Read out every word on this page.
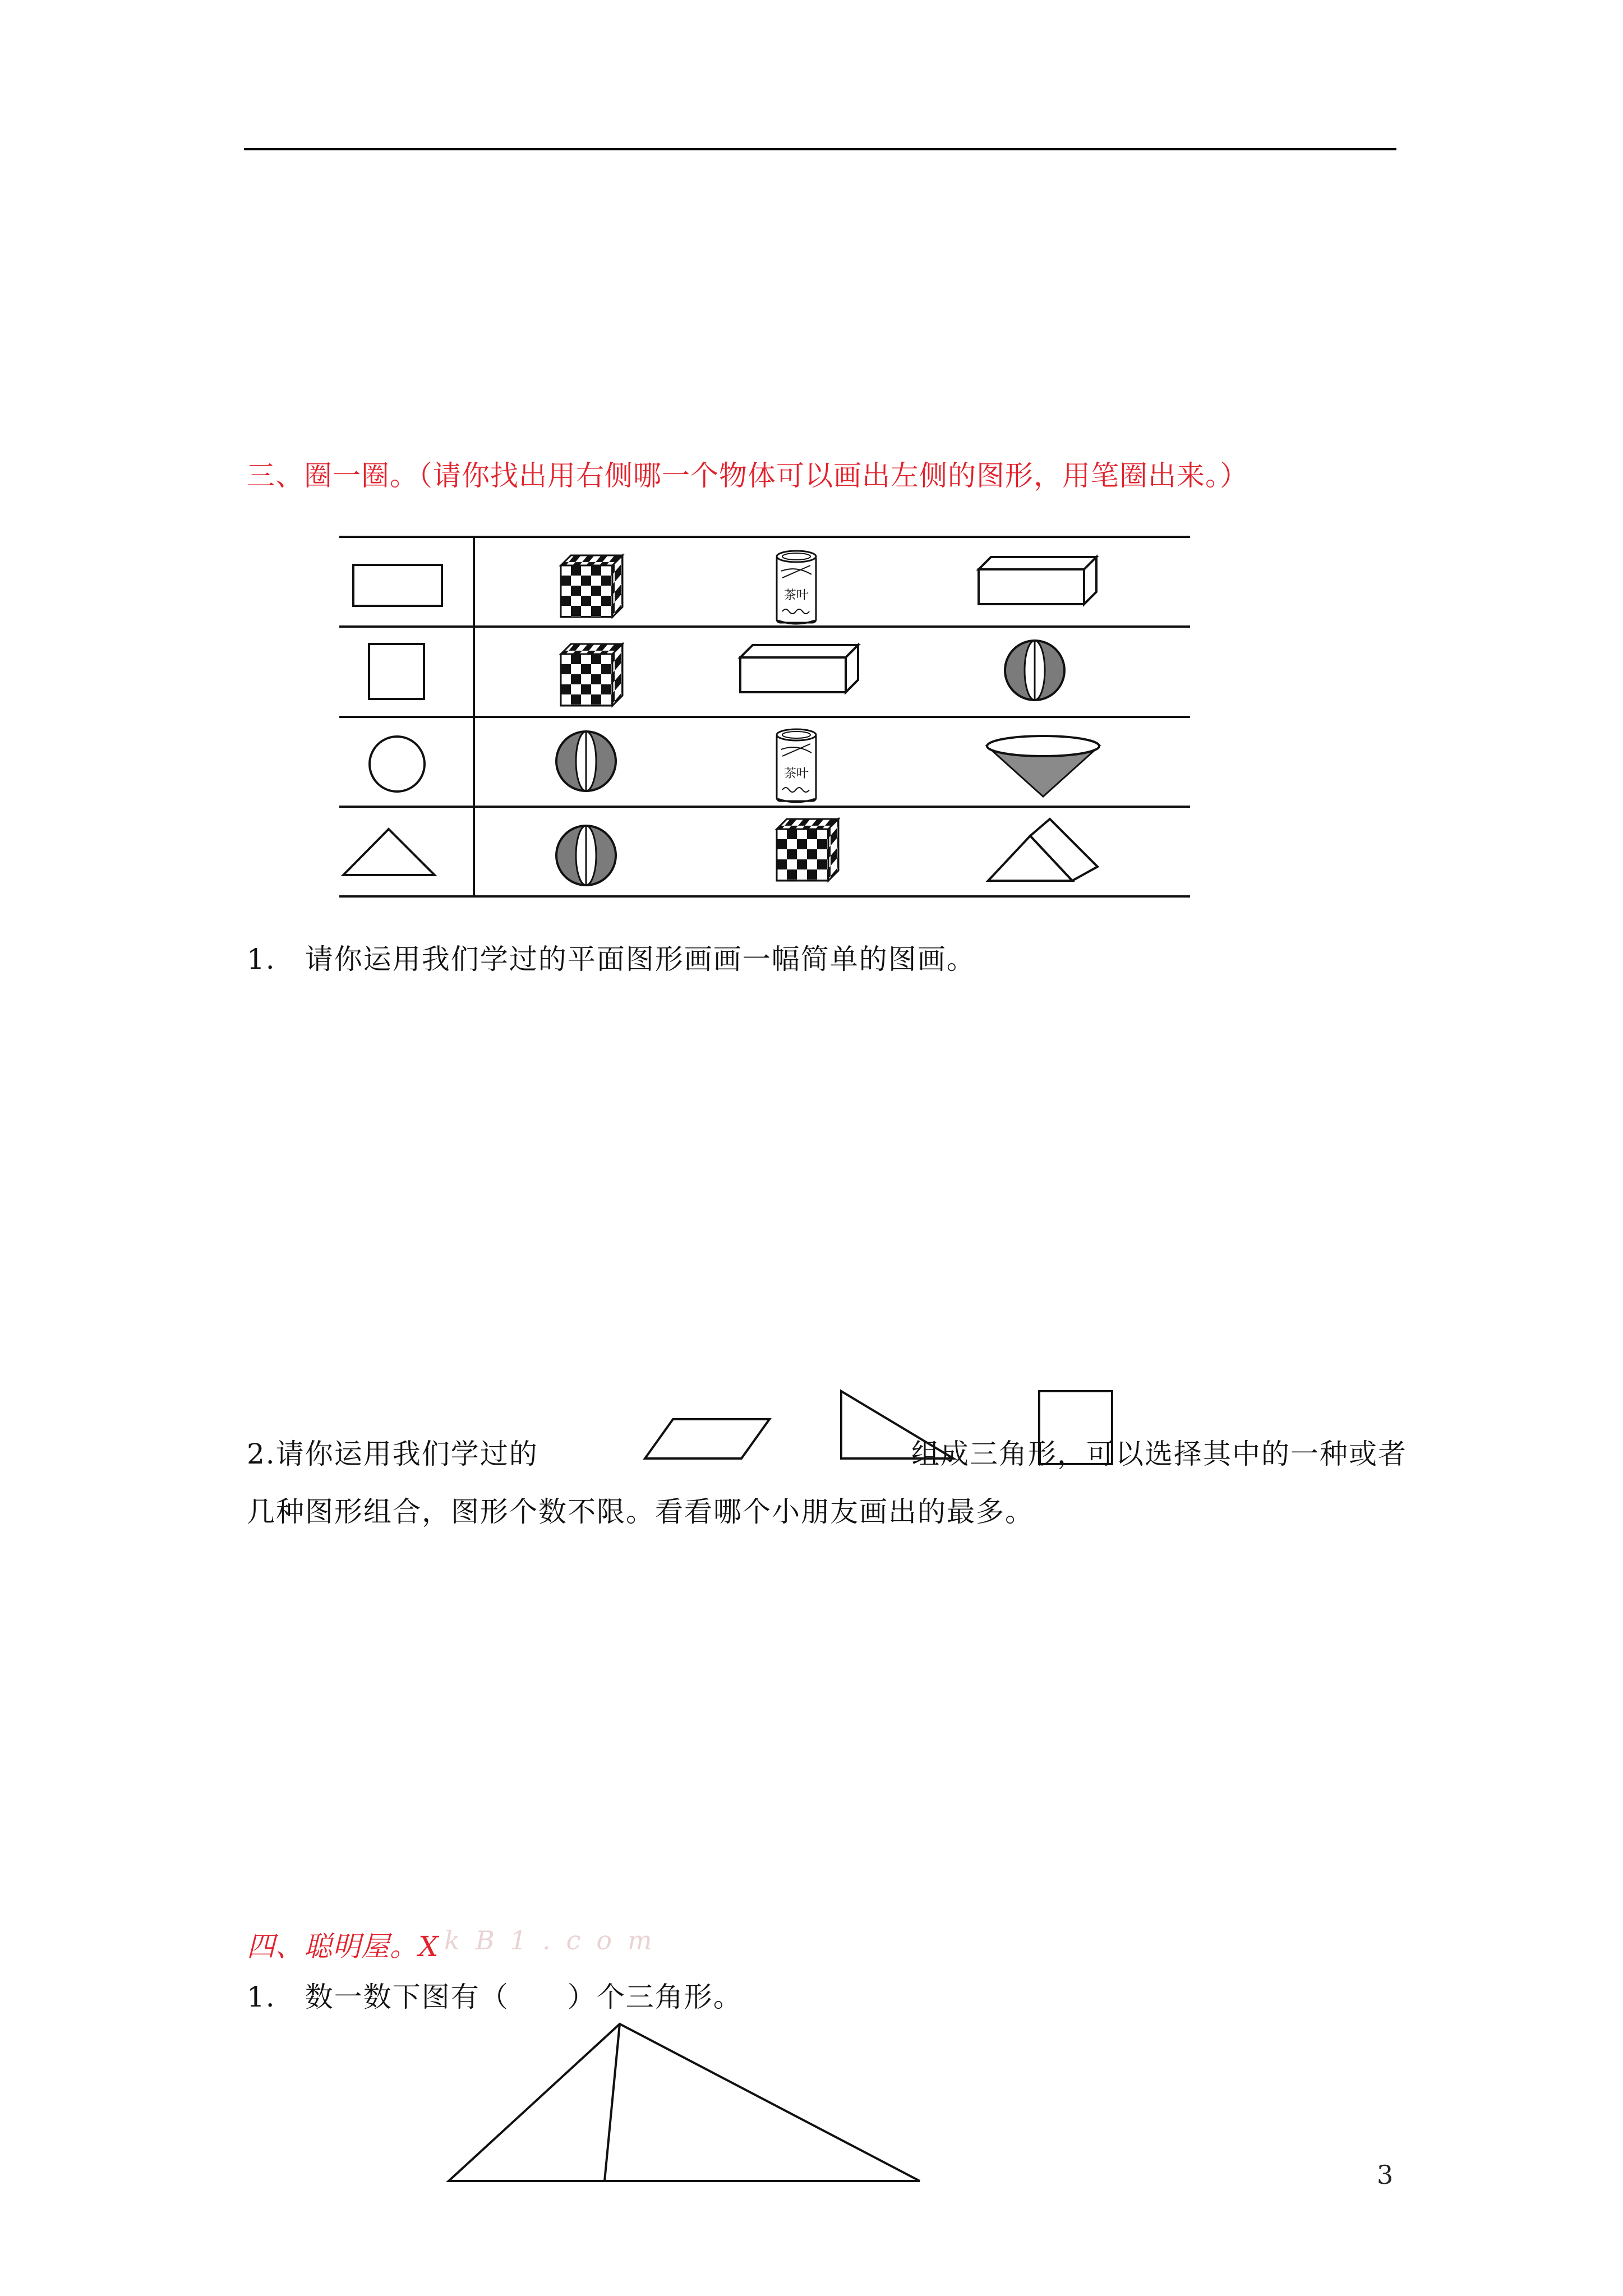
三、圈一圈。（请你找出用右侧哪一个物体可以画出左侧的图形，用笔圈出来。）
茶叶
茶叶
1.　请你运用我们学过的平面图形画画一幅简单的图画。
2.请你运用我们学过的	组成三角形，可以选择其中的一种或者
几种图形组合，图形个数不限。看看哪个小朋友画出的最多。
四、聪明屋。X kB1.com
1.　数一数下图有（　　）个三角形。
3
